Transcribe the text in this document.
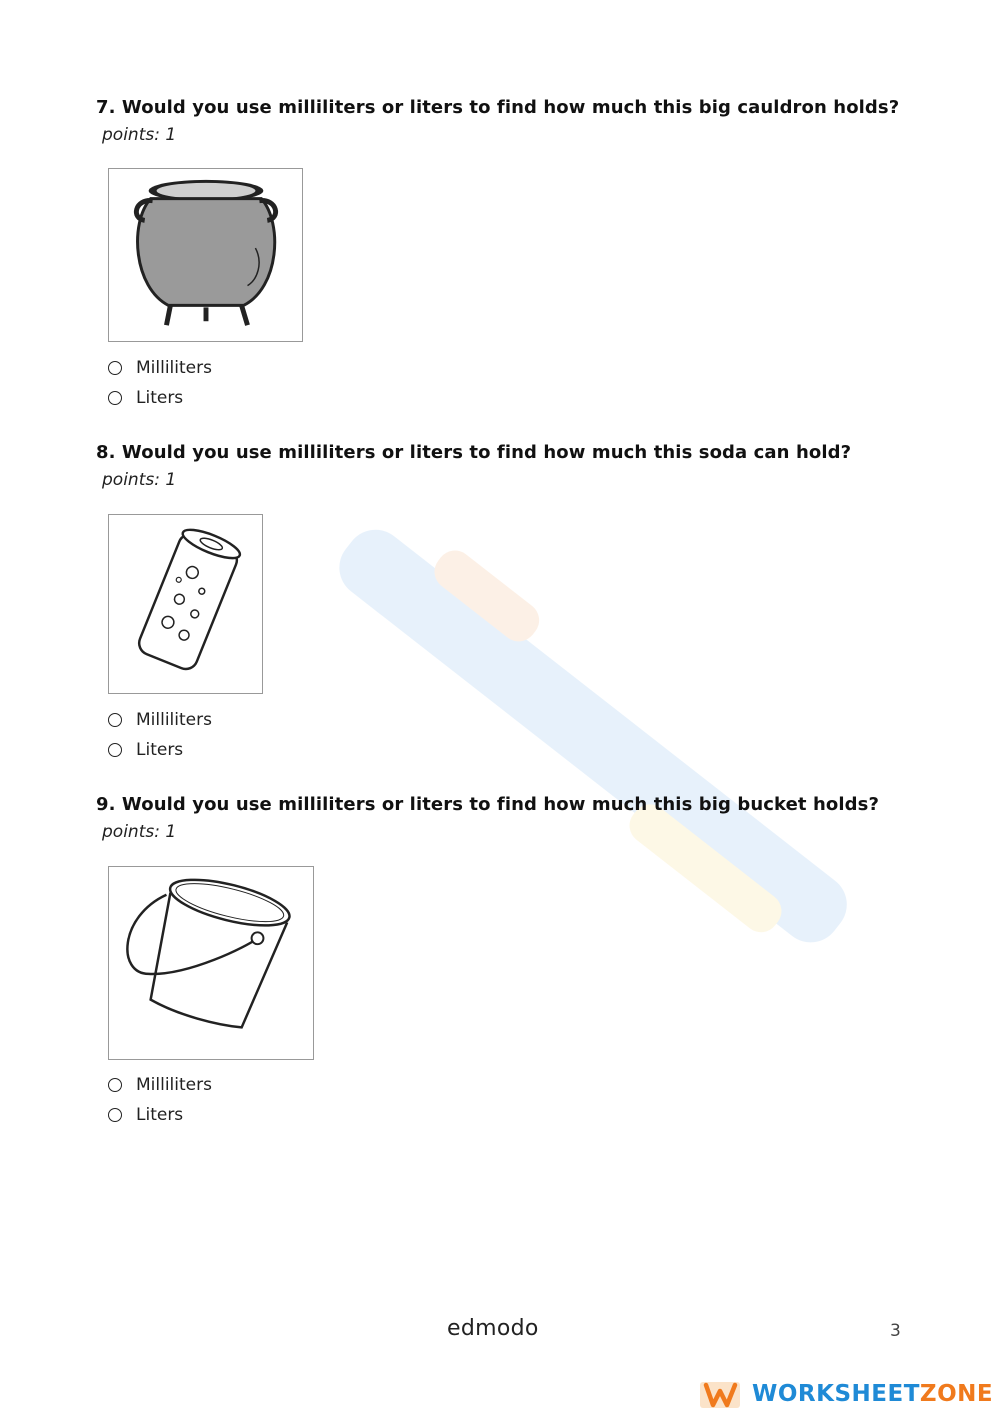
7. Would you use milliliters or liters to find how much this big cauldron holds?
points: 1
Milliliters
Liters
8. Would you use milliliters or liters to find how much this soda can hold?
points: 1
Milliliters
Liters
9. Would you use milliliters or liters to find how much this big bucket holds?
points: 1
Milliliters
Liters
edmodo	3
WORKSHEETZONE
